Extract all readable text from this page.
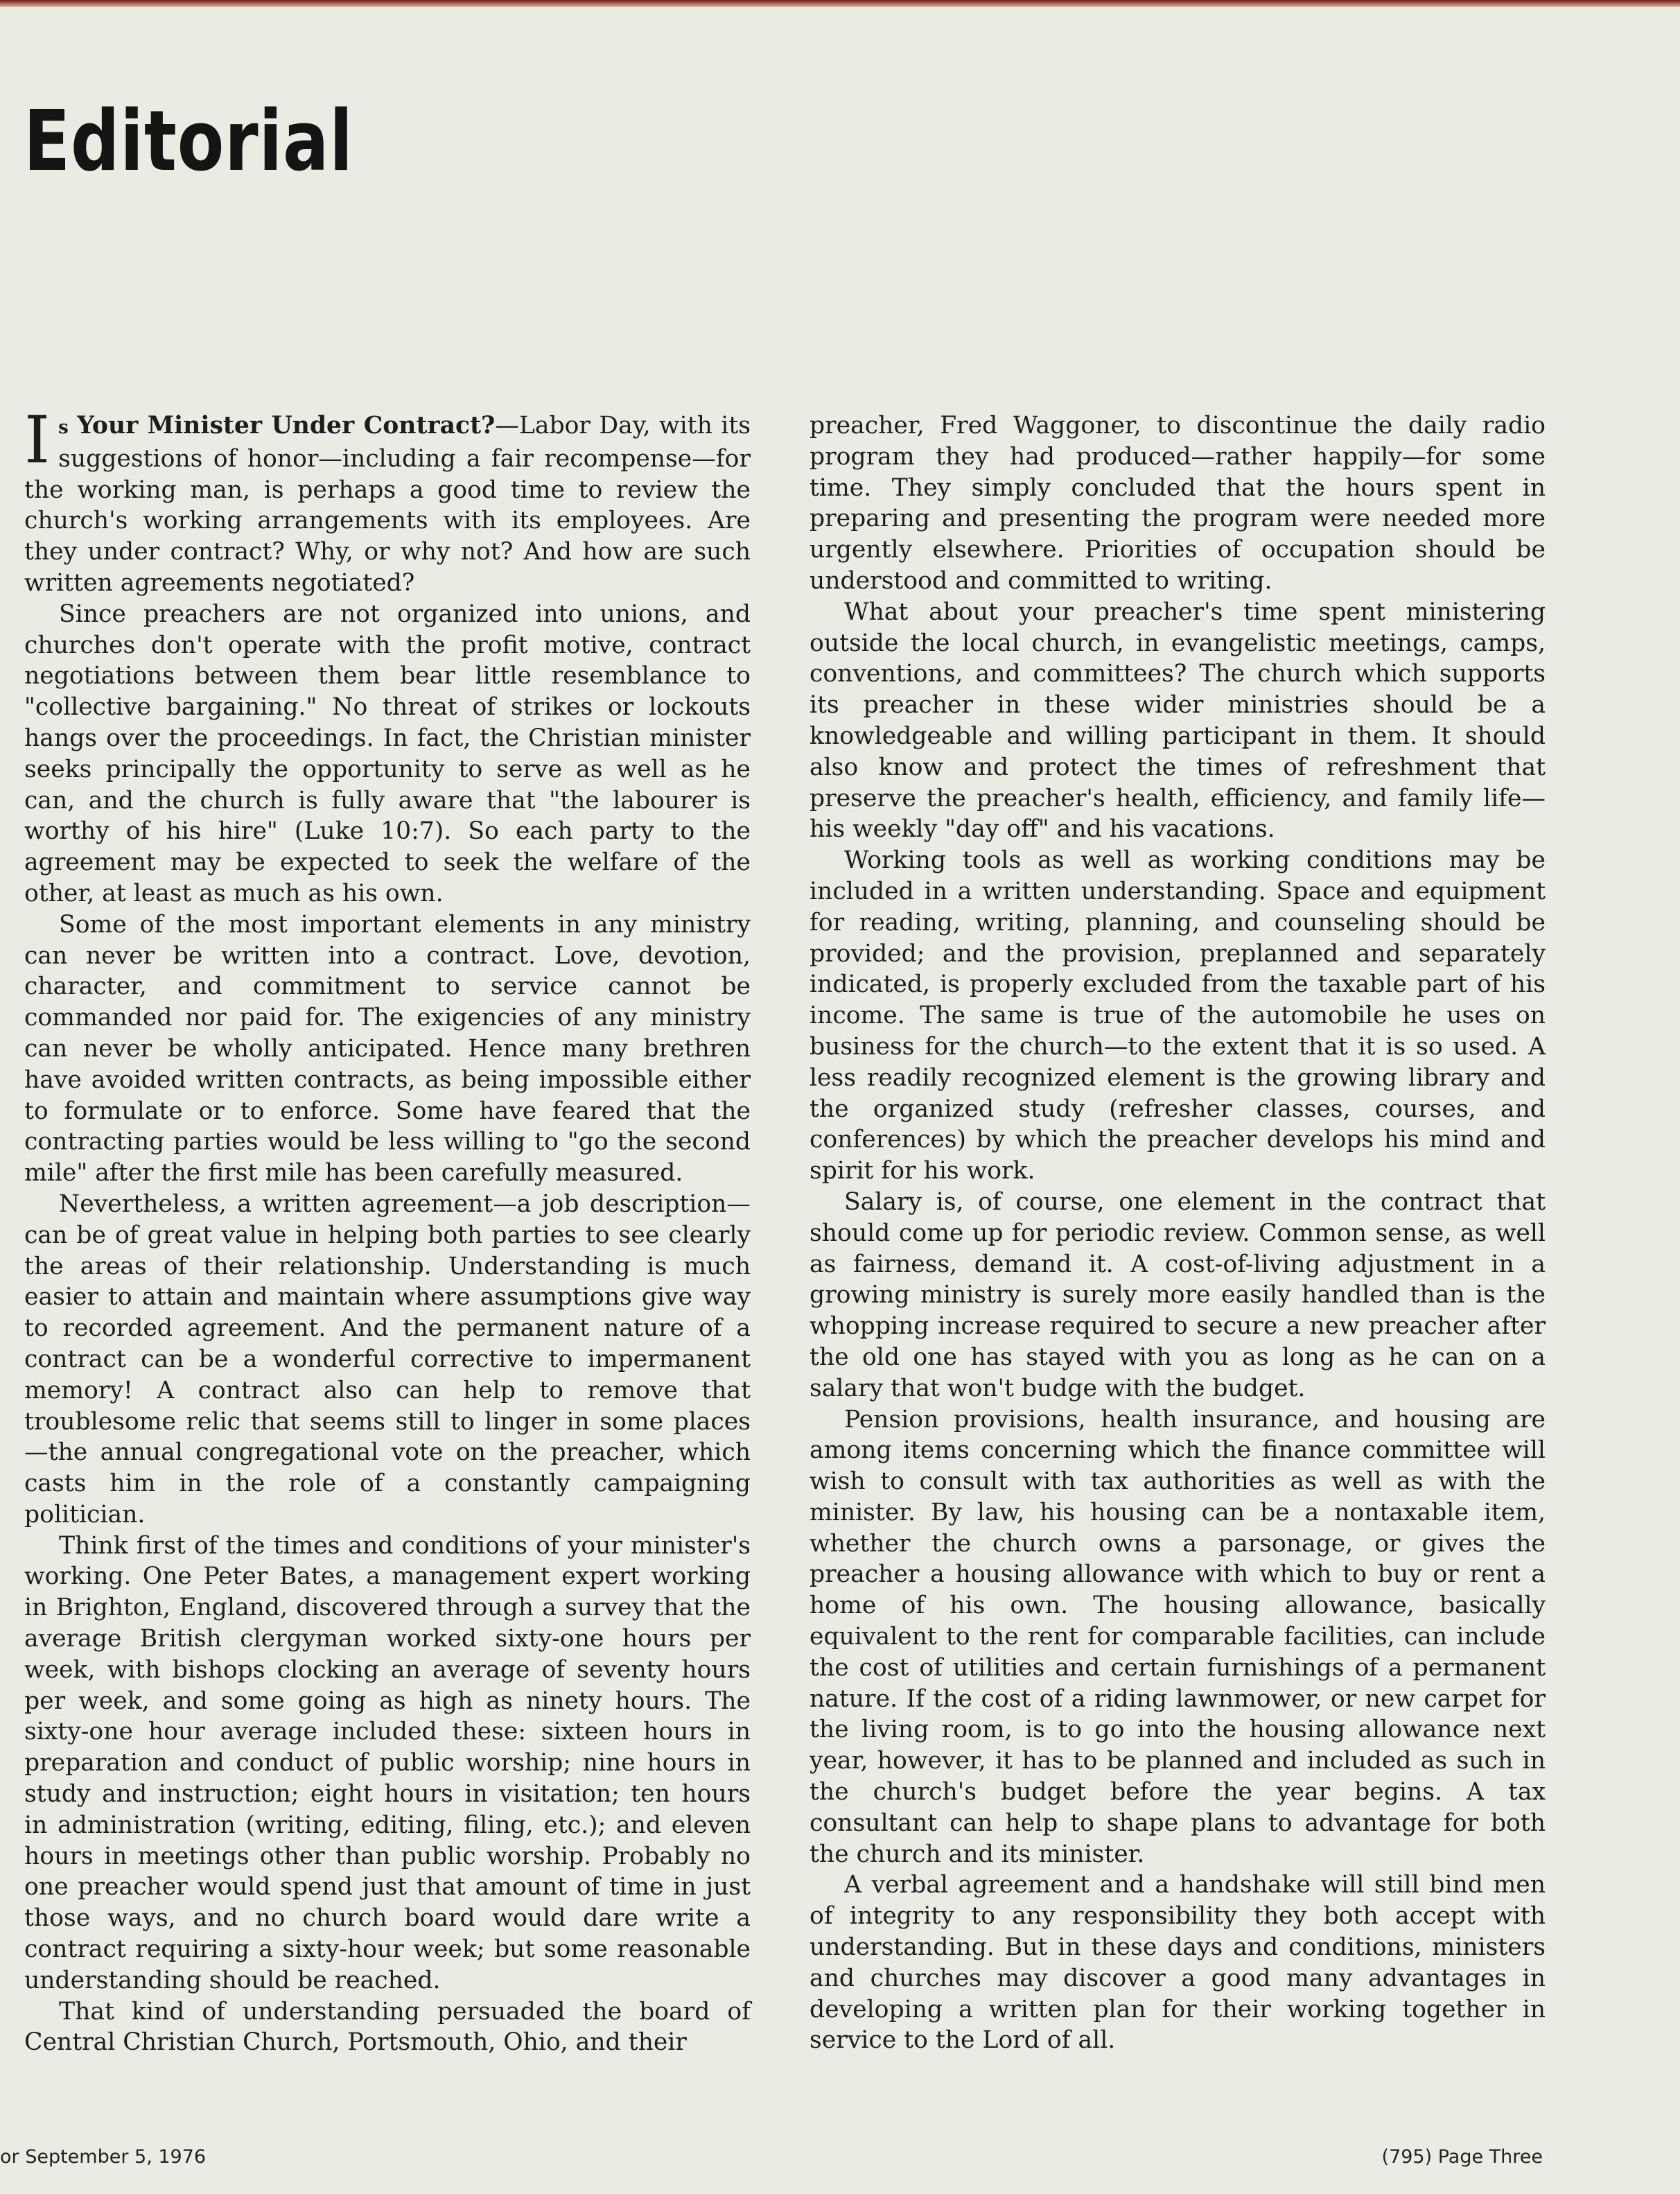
Editorial

Is Your Minister Under Contract?—Labor Day, with its suggestions of honor—including a fair recompense—for the working man, is perhaps a good time to review the church's working arrangements with its employees. Are they under contract? Why, or why not? And how are such written agreements negotiated?

Since preachers are not organized into unions, and churches don't operate with the profit motive, contract negotiations between them bear little resemblance to "collective bargaining." No threat of strikes or lockouts hangs over the proceedings. In fact, the Christian minister seeks principally the opportunity to serve as well as he can, and the church is fully aware that "the labourer is worthy of his hire" (Luke 10:7). So each party to the agreement may be expected to seek the welfare of the other, at least as much as his own.

Some of the most important elements in any ministry can never be written into a contract. Love, devotion, character, and commitment to service cannot be commanded nor paid for. The exigencies of any ministry can never be wholly anticipated. Hence many brethren have avoided written contracts, as being impossible either to formulate or to enforce. Some have feared that the contracting parties would be less willing to "go the second mile" after the first mile has been carefully measured.

Nevertheless, a written agreement—a job description—can be of great value in helping both parties to see clearly the areas of their relationship. Understanding is much easier to attain and maintain where assumptions give way to recorded agreement. And the permanent nature of a contract can be a wonderful corrective to impermanent memory! A contract also can help to remove that troublesome relic that seems still to linger in some places—the annual congregational vote on the preacher, which casts him in the role of a constantly campaigning politician.

Think first of the times and conditions of your minister's working. One Peter Bates, a management expert working in Brighton, England, discovered through a survey that the average British clergyman worked sixty-one hours per week, with bishops clocking an average of seventy hours per week, and some going as high as ninety hours. The sixty-one hour average included these: sixteen hours in preparation and conduct of public worship; nine hours in study and instruction; eight hours in visitation; ten hours in administration (writing, editing, filing, etc.); and eleven hours in meetings other than public worship. Probably no one preacher would spend just that amount of time in just those ways, and no church board would dare write a contract requiring a sixty-hour week; but some reasonable understanding should be reached.

That kind of understanding persuaded the board of Central Christian Church, Portsmouth, Ohio, and their

preacher, Fred Waggoner, to discontinue the daily radio program they had produced—rather happily—for some time. They simply concluded that the hours spent in preparing and presenting the program were needed more urgently elsewhere. Priorities of occupation should be understood and committed to writing.

What about your preacher's time spent ministering outside the local church, in evangelistic meetings, camps, conventions, and committees? The church which supports its preacher in these wider ministries should be a knowledgeable and willing participant in them. It should also know and protect the times of refreshment that preserve the preacher's health, efficiency, and family life—his weekly "day off" and his vacations.

Working tools as well as working conditions may be included in a written understanding. Space and equipment for reading, writing, planning, and counseling should be provided; and the provision, preplanned and separately indicated, is properly excluded from the taxable part of his income. The same is true of the automobile he uses on business for the church—to the extent that it is so used. A less readily recognized element is the growing library and the organized study (refresher classes, courses, and conferences) by which the preacher develops his mind and spirit for his work.

Salary is, of course, one element in the contract that should come up for periodic review. Common sense, as well as fairness, demand it. A cost-of-living adjustment in a growing ministry is surely more easily handled than is the whopping increase required to secure a new preacher after the old one has stayed with you as long as he can on a salary that won't budge with the budget.

Pension provisions, health insurance, and housing are among items concerning which the finance committee will wish to consult with tax authorities as well as with the minister. By law, his housing can be a nontaxable item, whether the church owns a parsonage, or gives the preacher a housing allowance with which to buy or rent a home of his own. The housing allowance, basically equivalent to the rent for comparable facilities, can include the cost of utilities and certain furnishings of a permanent nature. If the cost of a riding lawnmower, or new carpet for the living room, is to go into the housing allowance next year, however, it has to be planned and included as such in the church's budget before the year begins. A tax consultant can help to shape plans to advantage for both the church and its minister.

A verbal agreement and a handshake will still bind men of integrity to any responsibility they both accept with understanding. But in these days and conditions, ministers and churches may discover a good many advantages in developing a written plan for their working together in service to the Lord of all.

or September 5, 1976	(795) Page Three
